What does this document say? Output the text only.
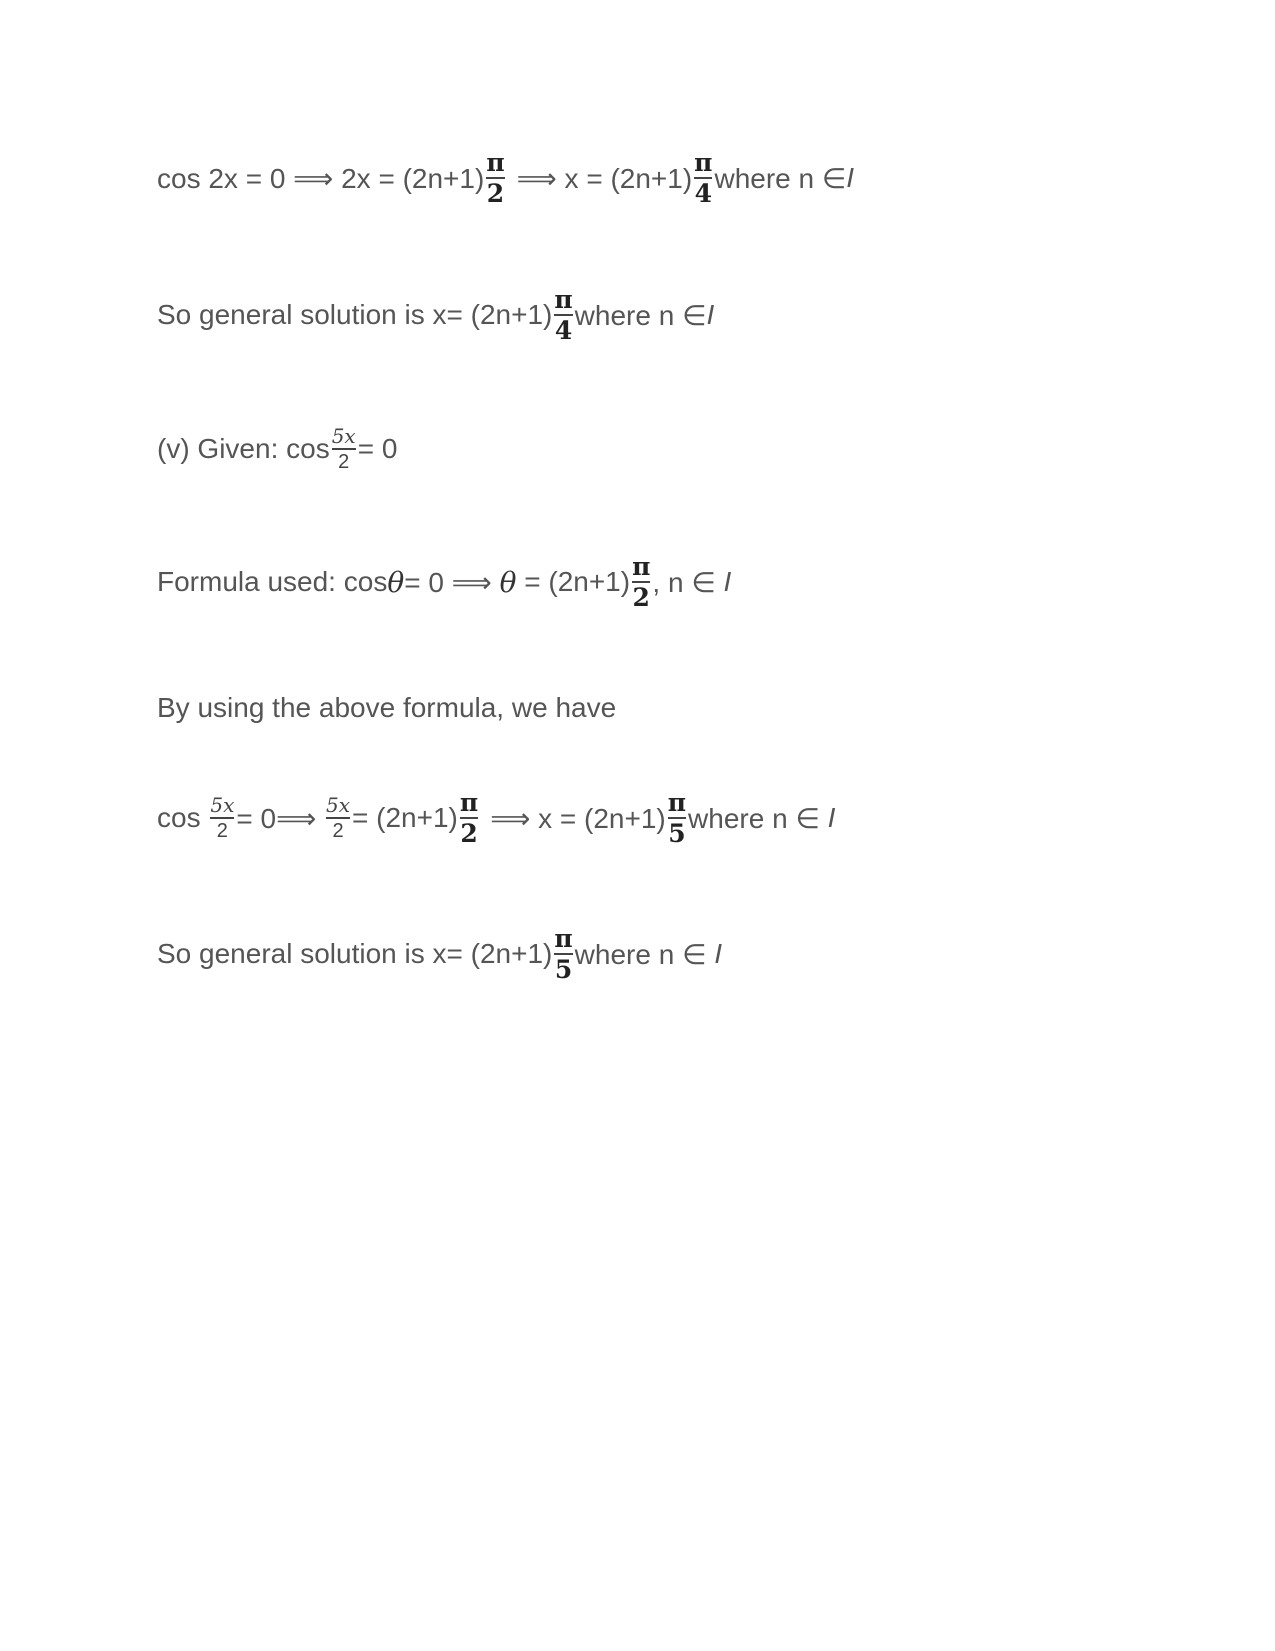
cos 2x = 0 ⟹ $2x = (2n+1) \frac{\pi}{2}$ ⟹ $x = (2n+1) \frac{\pi}{4}$ where n ∈ I
So general solution is $x= (2n+1) \frac{\pi}{4}$ where n ∈ I
(v) Given: $\cos \frac{5x}{2} = 0$
Formula used: cos θ = 0 ⟹ $\theta = (2n+1) \frac{\pi}{2}$ , n ∈ I
By using the above formula, we have
$\cos \frac{5x}{2}$ = 0⟹ $\frac{5x}{2} = (2n+1) \frac{\pi}{2}$ ⟹ $x = (2n+1) \frac{\pi}{5}$ where n ∈ I
So general solution is $x= (2n+1) \frac{\pi}{5}$ where n ∈ I
